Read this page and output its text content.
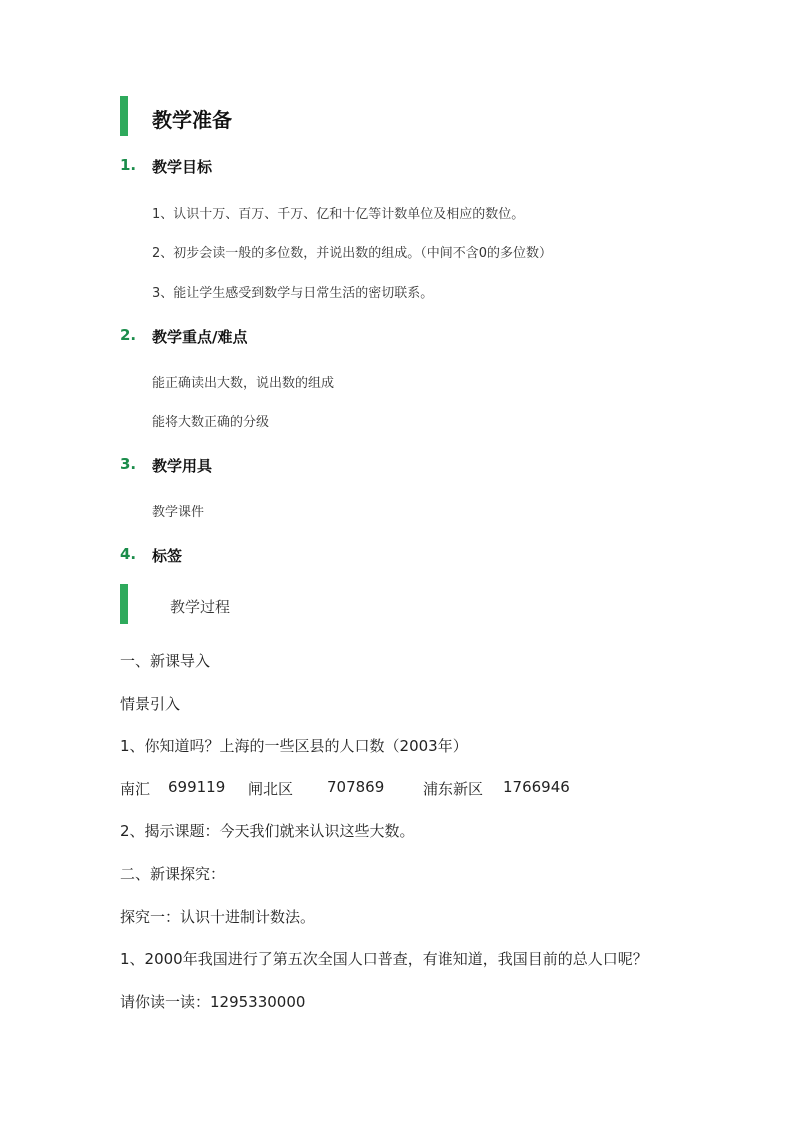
教学准备
1. 教学目标
1、认识十万、百万、千万、亿和十亿等计数单位及相应的数位。
2、初步会读一般的多位数，并说出数的组成。（中间不含0的多位数）
3、能让学生感受到数学与日常生活的密切联系。
2. 教学重点/难点
能正确读出大数，说出数的组成
能将大数正确的分级
3. 教学用具
教学课件
4. 标签
教学过程
一、新课导入
情景引入
1、你知道吗？上海的一些区县的人口数（2003年）
南汇 699119 闸北区 707869	浦东新区 1766946
2、揭示课题：今天我们就来认识这些大数。
二、新课探究：
探究一：认识十进制计数法。
1、2000年我国进行了第五次全国人口普查，有谁知道，我国目前的总人口呢？
请你读一读：1295330000
